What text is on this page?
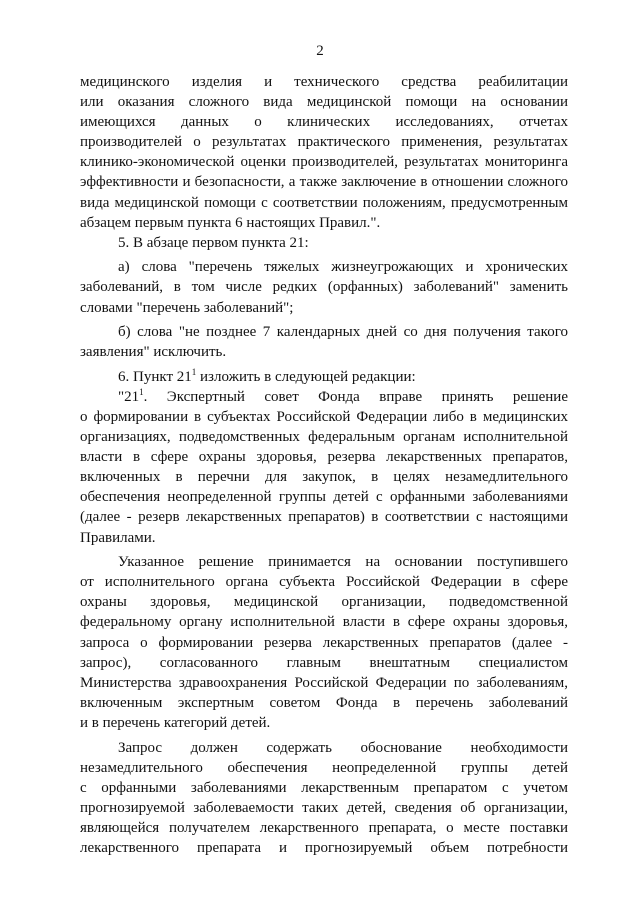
2
медицинского изделия и технического средства реабилитации
или оказания сложного вида медицинской помощи на основании
имеющихся данных о клинических исследованиях, отчетах
производителей о результатах практического применения, результатах
клинико-экономической оценки производителей, результатах мониторинга
эффективности и безопасности, а также заключение в отношении сложного
вида медицинской помощи с соответствии положениям, предусмотренным
абзацем первым пункта 6 настоящих Правил.".
5. В абзаце первом пункта 21:
а) слова "перечень тяжелых жизнеугрожающих и хронических
заболеваний, в том числе редких (орфанных) заболеваний" заменить
словами "перечень заболеваний";
б) слова "не позднее 7 календарных дней со дня получения такого
заявления" исключить.
6. Пункт $21^1$ изложить в следующей редакции:
"$21^1$. Экспертный совет Фонда вправе принять решение
о формировании в субъектах Российской Федерации либо в медицинских
организациях, подведомственных федеральным органам исполнительной
власти в сфере охраны здоровья, резерва лекарственных препаратов,
включенных в перечни для закупок, в целях незамедлительного
обеспечения неопределенной группы детей с орфанными заболеваниями
(далее - резерв лекарственных препаратов) в соответствии с настоящими
Правилами.
Указанное решение принимается на основании поступившего
от исполнительного органа субъекта Российской Федерации в сфере
охраны здоровья, медицинской организации, подведомственной
федеральному органу исполнительной власти в сфере охраны здоровья,
запроса о формировании резерва лекарственных препаратов (далее -
запрос), согласованного главным внештатным специалистом
Министерства здравоохранения Российской Федерации по заболеваниям,
включенным экспертным советом Фонда в перечень заболеваний
и в перечень категорий детей.
Запрос должен содержать обоснование необходимости
незамедлительного обеспечения неопределенной группы детей
с орфанными заболеваниями лекарственным препаратом с учетом
прогнозируемой заболеваемости таких детей, сведения об организации,
являющейся получателем лекарственного препарата, о месте поставки
лекарственного препарата и прогнозируемый объем потребности
